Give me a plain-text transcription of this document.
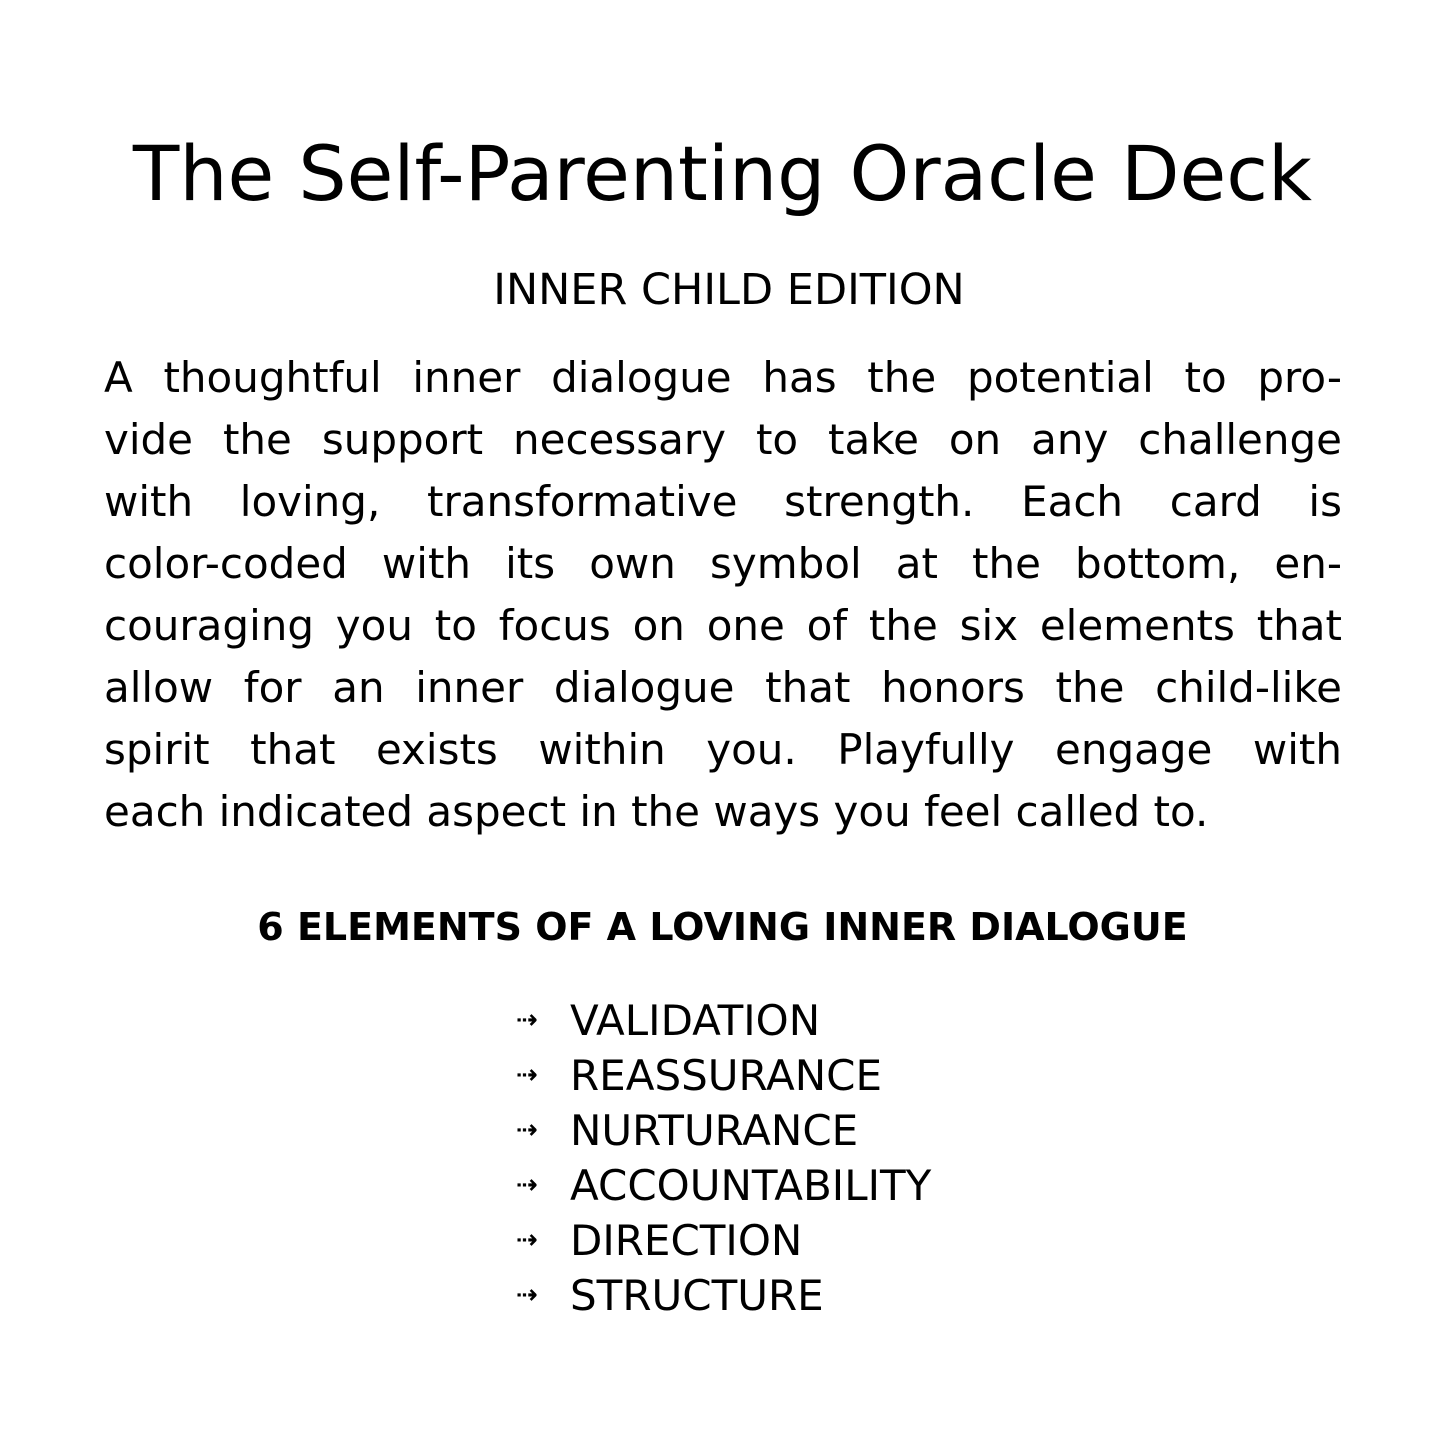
The Self-Parenting Oracle Deck
INNER CHILD EDITION
A thoughtful inner dialogue has the potential to pro-
vide the support necessary to take on any challenge
with loving, transformative strength. Each card is
color-coded with its own symbol at the bottom, en-
couraging you to focus on one of the six elements that
allow for an inner dialogue that honors the child-like
spirit that exists within you. Playfully engage with
each indicated aspect in the ways you feel called to.
6 ELEMENTS OF A LOVING INNER DIALOGUE
⇢ VALIDATION
⇢ REASSURANCE
⇢ NURTURANCE
⇢ ACCOUNTABILITY
⇢ DIRECTION
⇢ STRUCTURE
